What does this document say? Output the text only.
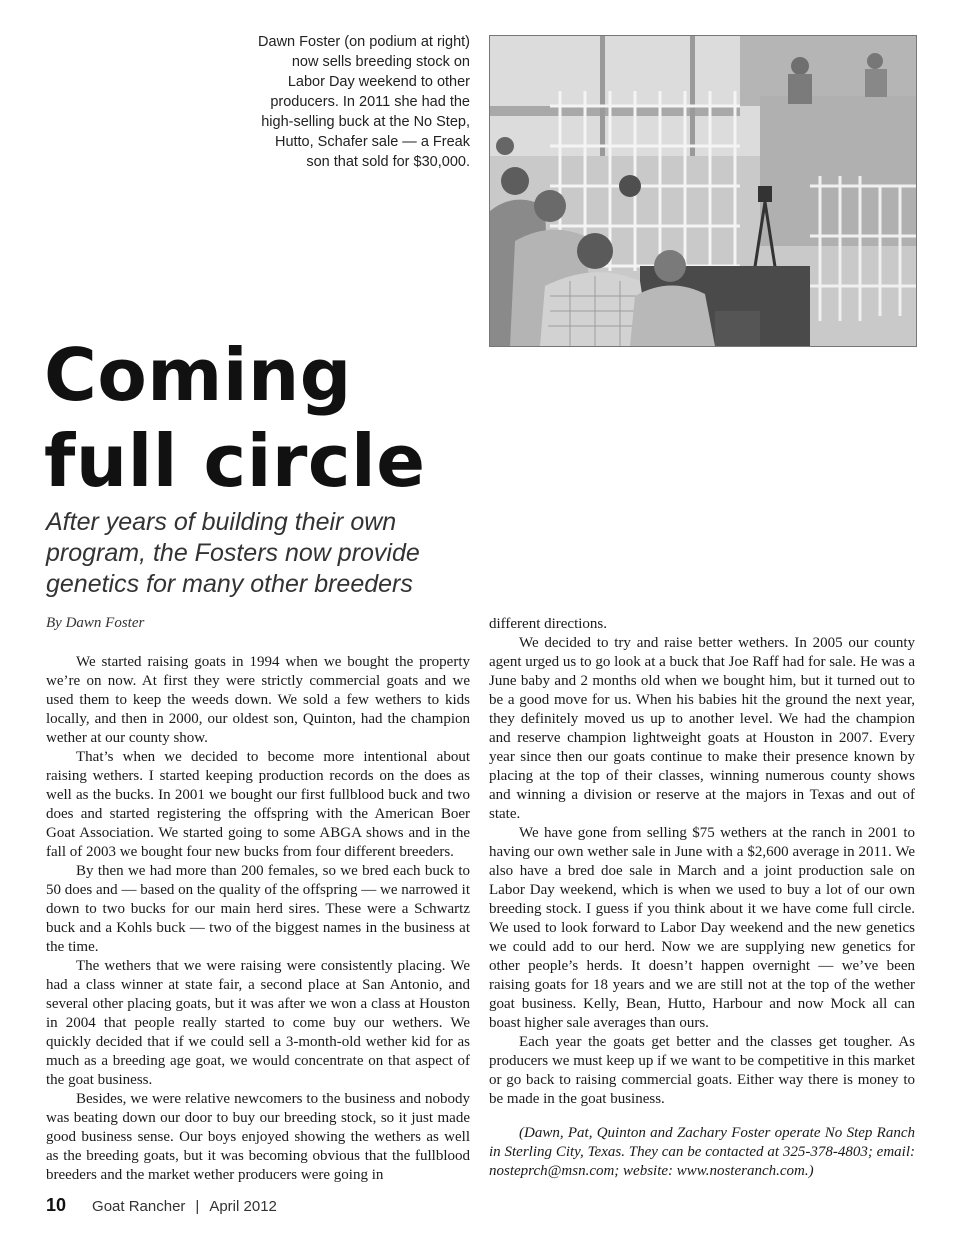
Dawn Foster (on podium at right) now sells breeding stock on Labor Day weekend to other producers. In 2011 she had the high-selling buck at the No Step, Hutto, Schafer sale — a Freak son that sold for $30,000.
Coming
full circle
After years of building their own program, the Fosters now provide genetics for many other breeders
By Dawn Foster

We started raising goats in 1994 when we bought the property we’re on now. At first they were strictly commercial goats and we used them to keep the weeds down. We sold a few wethers to kids locally, and then in 2000, our oldest son, Quinton, had the champion wether at our county show.

That’s when we decided to become more intentional about raising wethers. I started keeping production records on the does as well as the bucks. In 2001 we bought our first fullblood buck and two does and started registering the offspring with the American Boer Goat Association. We started going to some ABGA shows and in the fall of 2003 we bought four new bucks from four different breeders.

By then we had more than 200 females, so we bred each buck to 50 does and — based on the quality of the offspring — we narrowed it down to two bucks for our main herd sires. These were a Schwartz buck and a Kohls buck — two of the biggest names in the business at the time.

The wethers that we were raising were consistently placing. We had a class winner at state fair, a second place at San Antonio, and several other placing goats, but it was after we won a class at Houston in 2004 that people really started to come buy our wethers. We quickly decided that if we could sell a 3-month-old wether kid for as much as a breeding age goat, we would concentrate on that aspect of the goat business.

Besides, we were relative newcomers to the business and nobody was beating down our door to buy our breeding stock, so it just made good business sense. Our boys enjoyed showing the wethers as well as the breeding goats, but it was becoming obvious that the fullblood breeders and the market wether producers were going in

different directions.

We decided to try and raise better wethers. In 2005 our county agent urged us to go look at a buck that Joe Raff had for sale. He was a June baby and 2 months old when we bought him, but it turned out to be a good move for us. When his babies hit the ground the next year, they definitely moved us up to another level. We had the champion and reserve champion lightweight goats at Houston in 2007. Every year since then our goats continue to make their presence known by placing at the top of their classes, winning numerous county shows and winning a division or reserve at the majors in Texas and out of state.

We have gone from selling $75 wethers at the ranch in 2001 to having our own wether sale in June with a $2,600 average in 2011. We also have a bred doe sale in March and a joint production sale on Labor Day weekend, which is when we used to buy a lot of our own breeding stock. I guess if you think about it we have come full circle. We used to look forward to Labor Day weekend and the new genetics we could add to our herd. Now we are supplying new genetics for other people’s herds. It doesn’t happen overnight — we’ve been raising goats for 18 years and we are still not at the top of the wether goat business. Kelly, Bean, Hutto, Harbour and now Mock all can boast higher sale averages than ours.

Each year the goats get better and the classes get tougher. As producers we must keep up if we want to be competitive in this market or go back to raising commercial goats. Either way there is money to be made in the goat business.

(Dawn, Pat, Quinton and Zachary Foster operate No Step Ranch in Sterling City, Texas. They can be contacted at 325-378-4803; email: nosteprch@msn.com; website: www.nosteranch.com.)
10 Goat Rancher | April 2012
